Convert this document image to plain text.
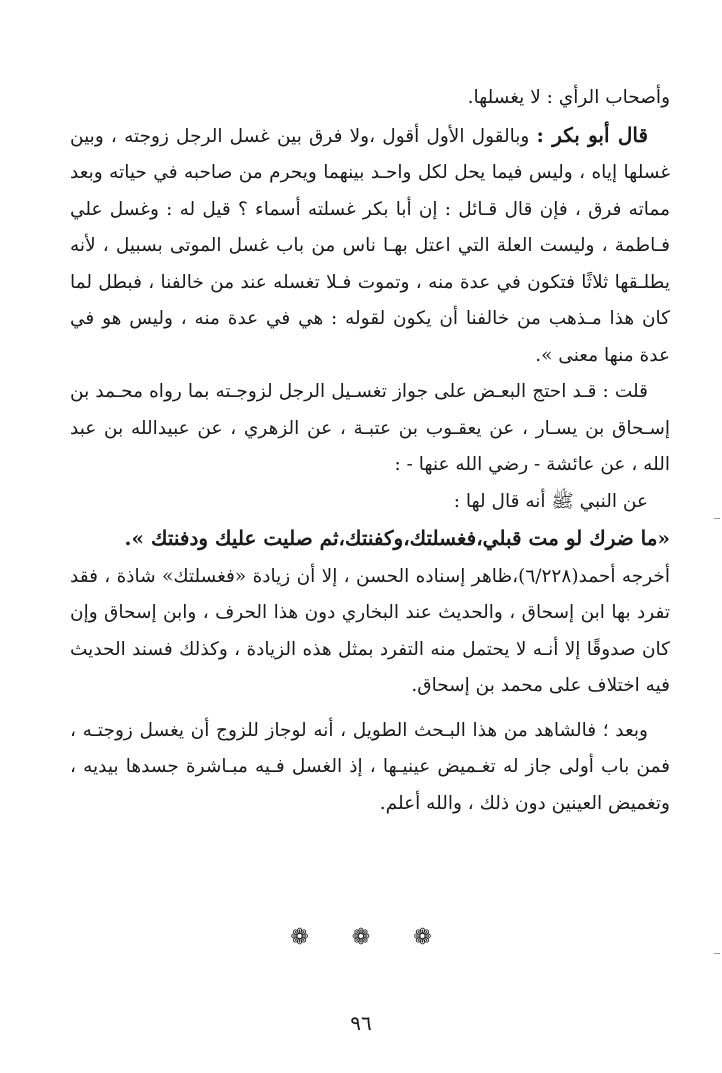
وأصحاب الرأي : لا يغسلها.

قال أبو بكر : وبالقول الأول أقول ،ولا فرق بين غسل الرجل زوجته ، وبين غسلها إياه ، وليس فيما يحل لكل واحـد بينهما ويحرم من صاحبه في حياته وبعد مماته فرق ، فإن قال قـائل : إن أبا بكر غسلته أسماء ؟ قيل له : وغسل علي فـاطمة ، وليست العلة التي اعتل بهـا ناس من باب غسل الموتى بسبيل ، لأنه يطلـقها ثلاثًا فتكون في عدة منه ، وتموت فـلا تغسله عند من خالفنا ، فبطل لما كان هذا مـذهب من خالفنا أن يكون لقوله : هي في عدة منه ، وليس هو في عدة منها معنى ».

قلت : قـد احتج البعـض على جواز تغسـيل الرجل لزوجـته بما رواه محـمد بن إسـحاق بن يسـار ، عن يعقـوب بن عتبـة ، عن الزهري ، عن عبيدالله بن عبد الله ، عن عائشة - رضي الله عنها - :

عن النبي ﷺ أنه قال لها :

«ما ضرك لو مت قبلي،فغسلتك،وكفنتك،ثم صليت عليك ودفنتك ».

أخرجه أحمد(٦/٢٢٨)،ظاهر إسناده الحسن ، إلا أن زيادة «فغسلتك» شاذة ، فقد تفرد بها ابن إسحاق ، والحديث عند البخاري دون هذا الحرف ، وابن إسحاق وإن كان صدوقًا إلا أنـه لا يحتمل منه التفرد بمثل هذه الزيادة ، وكذلك فسند الحديث فيه اختلاف على محمد بن إسحاق.

وبعد ؛ فالشاهد من هذا البـحث الطويل ، أنه لوجاز للزوج أن يغسل زوجتـه ، فمن باب أولى جاز له تغـميض عينيـها ، إذ الغسل فـيه مبـاشرة جسدها بيديه ، وتغميض العينين دون ذلك ، والله أعلم.

❁ ❁ ❁
٩٦
